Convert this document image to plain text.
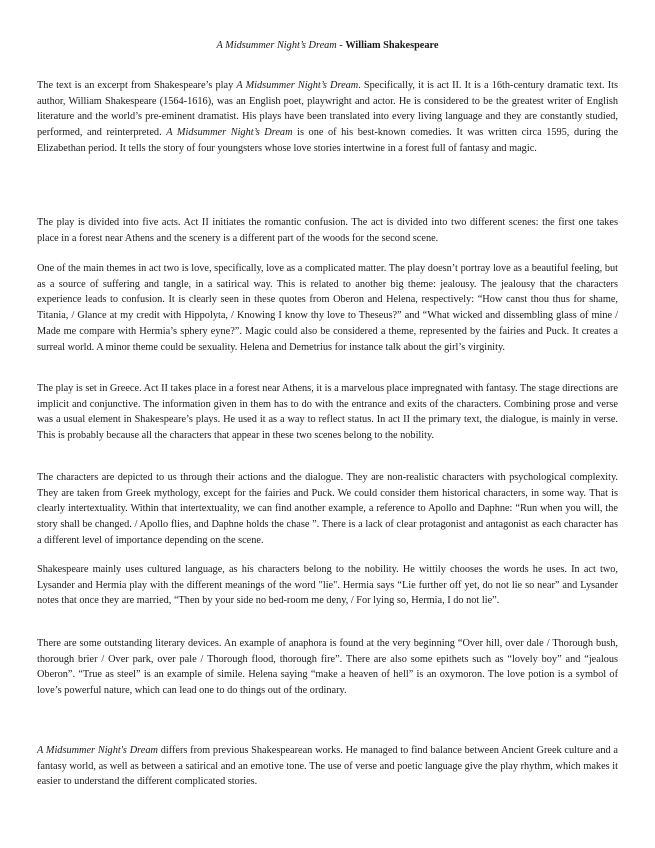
A Midsummer Night’s Dream - William Shakespeare

The text is an excerpt from Shakespeare’s play A Midsummer Night’s Dream. Specifically, it is act II. It is a 16th-century dramatic text. Its author, William Shakespeare (1564-1616), was an English poet, playwright and actor. He is considered to be the greatest writer of English literature and the world’s pre-eminent dramatist. His plays have been translated into every living language and they are constantly studied, performed, and reinterpreted. A Midsummer Night’s Dream is one of his best-known comedies. It was written circa 1595, during the Elizabethan period. It tells the story of four youngsters whose love stories intertwine in a forest full of fantasy and magic.

The play is divided into five acts. Act II initiates the romantic confusion. The act is divided into two different scenes: the first one takes place in a forest near Athens and the scenery is a different part of the woods for the second scene.

One of the main themes in act two is love, specifically, love as a complicated matter. The play doesn’t portray love as a beautiful feeling, but as a source of suffering and tangle, in a satirical way. This is related to another big theme: jealousy. The jealousy that the characters experience leads to confusion. It is clearly seen in these quotes from Oberon and Helena, respectively: “How canst thou thus for shame, Titania, / Glance at my credit with Hippolyta, / Knowing I know thy love to Theseus?” and “What wicked and dissembling glass of mine / Made me compare with Hermia’s sphery eyne?”. Magic could also be considered a theme, represented by the fairies and Puck. It creates a surreal world. A minor theme could be sexuality. Helena and Demetrius for instance talk about the girl’s virginity.

The play is set in Greece. Act II takes place in a forest near Athens, it is a marvelous place impregnated with fantasy. The stage directions are implicit and conjunctive. The information given in them has to do with the entrance and exits of the characters. Combining prose and verse was a usual element in Shakespeare’s plays. He used it as a way to reflect status. In act II the primary text, the dialogue, is mainly in verse. This is probably because all the characters that appear in these two scenes belong to the nobility.

The characters are depicted to us through their actions and the dialogue. They are non-realistic characters with psychological complexity. They are taken from Greek mythology, except for the fairies and Puck. We could consider them historical characters, in some way. That is clearly intertextuality. Within that intertextuality, we can find another example, a reference to Apollo and Daphne: “Run when you will, the story shall be changed. / Apollo flies, and Daphne holds the chase ”. There is a lack of clear protagonist and antagonist as each character has a different level of importance depending on the scene.

Shakespeare mainly uses cultured language, as his characters belong to the nobility. He wittily chooses the words he uses. In act two, Lysander and Hermia play with the different meanings of the word "lie". Hermia says “Lie further off yet, do not lie so near” and Lysander notes that once they are married, “Then by your side no bed-room me deny, / For lying so, Hermia, I do not lie”.

There are some outstanding literary devices. An example of anaphora is found at the very beginning “Over hill, over dale / Thorough bush, thorough brier / Over park, over pale / Thorough flood, thorough fire”. There are also some epithets such as “lovely boy” and “jealous Oberon”. “True as steel” is an example of simile. Helena saying “make a heaven of hell” is an oxymoron. The love potion is a symbol of love’s powerful nature, which can lead one to do things out of the ordinary.

A Midsummer Night's Dream differs from previous Shakespearean works. He managed to find balance between Ancient Greek culture and a fantasy world, as well as between a satirical and an emotive tone. The use of verse and poetic language give the play rhythm, which makes it easier to understand the different complicated stories.
